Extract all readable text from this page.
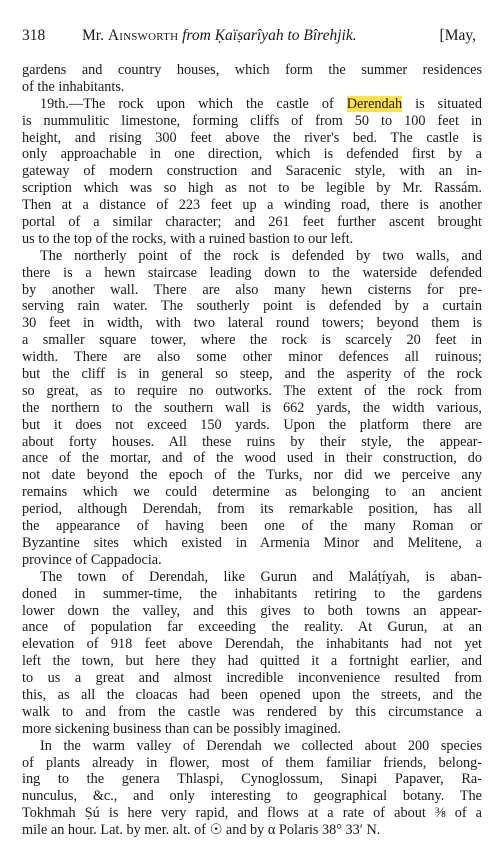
318 Mr. Ainsworth from Ḳaïṣarîyah to Bîrehjik.	[May,
gardens and country houses, which form the summer residences
of the inhabitants.
19th.—The rock upon which the castle of Derendah is situated
is nummulitic limestone, forming cliffs of from 50 to 100 feet in
height, and rising 300 feet above the river's bed. The castle is
only approachable in one direction, which is defended first by a
gateway of modern construction and Saracenic style, with an in-
scription which was so high as not to be legible by Mr. Rassám.
Then at a distance of 223 feet up a winding road, there is another
portal of a similar character; and 261 feet further ascent brought
us to the top of the rocks, with a ruined bastion to our left.
The northerly point of the rock is defended by two walls, and
there is a hewn staircase leading down to the waterside defended
by another wall. There are also many hewn cisterns for pre-
serving rain water. The southerly point is defended by a curtain
30 feet in width, with two lateral round towers; beyond them is
a smaller square tower, where the rock is scarcely 20 feet in
width. There are also some other minor defences all ruinous;
but the cliff is in general so steep, and the asperity of the rock
so great, as to require no outworks. The extent of the rock from
the northern to the southern wall is 662 yards, the width various,
but it does not exceed 150 yards. Upon the platform there are
about forty houses. All these ruins by their style, the appear-
ance of the mortar, and of the wood used in their construction, do
not date beyond the epoch of the Turks, nor did we perceive any
remains which we could determine as belonging to an ancient
period, although Derendah, from its remarkable position, has all
the appearance of having been one of the many Roman or
Byzantine sites which existed in Armenia Minor and Melitene, a
province of Cappadocia.
The town of Derendah, like Gurun and Maláṭíyah, is aban-
doned in summer-time, the inhabitants retiring to the gardens
lower down the valley, and this gives to both towns an appear-
ance of population far exceeding the reality. At Gurun, at an
elevation of 918 feet above Derendah, the inhabitants had not yet
left the town, but here they had quitted it a fortnight earlier, and
to us a great and almost incredible inconvenience resulted from
this, as all the cloacas had been opened upon the streets, and the
walk to and from the castle was rendered by this circumstance a
more sickening business than can be possibly imagined.
In the warm valley of Derendah we collected about 200 species
of plants already in flower, most of them familiar friends, belong-
ing to the genera Thlaspi, Cynoglossum, Sinapi Papaver, Ra-
nunculus, &c., and only interesting to geographical botany. The
Tokhmah Ṣú is here very rapid, and flows at a rate of about ⅜ of a
mile an hour. Lat. by mer. alt. of ☉ and by α Polaris 38° 33′ N.
